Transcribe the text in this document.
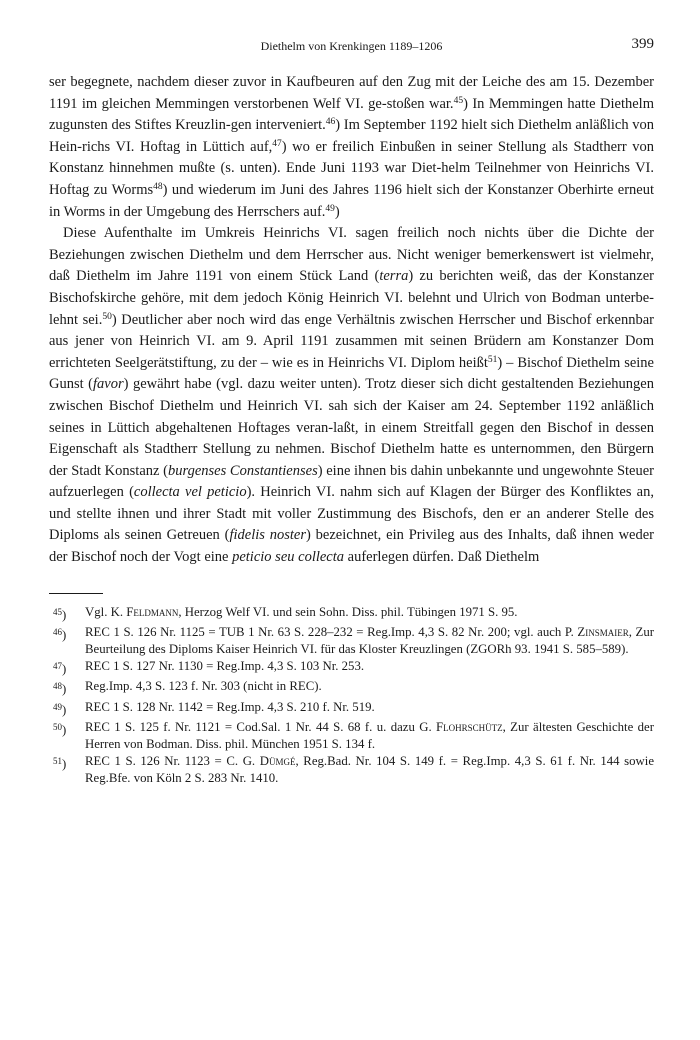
Diethelm von Krenkingen 1189–1206	399

ser begegnete, nachdem dieser zuvor in Kaufbeuren auf den Zug mit der Leiche des am 15. Dezember 1191 im gleichen Memmingen verstorbenen Welf VI. ge-stoßen war.$^{45}$) In Memmingen hatte Diethelm zugunsten des Stiftes Kreuzlin-gen interveniert.$^{46}$) Im September 1192 hielt sich Diethelm anläßlich von Hein-richs VI. Hoftag in Lüttich auf,$^{47}$) wo er freilich Einbußen in seiner Stellung als Stadtherr von Konstanz hinnehmen mußte (s. unten). Ende Juni 1193 war Diet-helm Teilnehmer von Heinrichs VI. Hoftag zu Worms$^{48}$) und wiederum im Juni des Jahres 1196 hielt sich der Konstanzer Oberhirte erneut in Worms in der Umgebung des Herrschers auf.$^{49}$)

Diese Aufenthalte im Umkreis Heinrichs VI. sagen freilich noch nichts über die Dichte der Beziehungen zwischen Diethelm und dem Herrscher aus. Nicht weniger bemerkenswert ist vielmehr, daß Diethelm im Jahre 1191 von einem Stück Land (terra) zu berichten weiß, das der Konstanzer Bischofskirche gehöre, mit dem jedoch König Heinrich VI. belehnt und Ulrich von Bodman unterbe-lehnt sei.$^{50}$) Deutlicher aber noch wird das enge Verhältnis zwischen Herrscher und Bischof erkennbar aus jener von Heinrich VI. am 9. April 1191 zusammen mit seinen Brüdern am Konstanzer Dom errichteten Seelgerätstiftung, zu der – wie es in Heinrichs VI. Diplom heißt$^{51}$) – Bischof Diethelm seine Gunst (favor) gewährt habe (vgl. dazu weiter unten). Trotz dieser sich dicht gestaltenden Beziehungen zwischen Bischof Diethelm und Heinrich VI. sah sich der Kaiser am 24. September 1192 anläßlich seines in Lüttich abgehaltenen Hoftages veran-laßt, in einem Streitfall gegen den Bischof in dessen Eigenschaft als Stadtherr Stellung zu nehmen. Bischof Diethelm hatte es unternommen, den Bürgern der Stadt Konstanz (burgenses Constantienses) eine ihnen bis dahin unbekannte und ungewohnte Steuer aufzuerlegen (collecta vel peticio). Heinrich VI. nahm sich auf Klagen der Bürger des Konfliktes an, und stellte ihnen und ihrer Stadt mit voller Zustimmung des Bischofs, den er an anderer Stelle des Diploms als seinen Getreuen (fidelis noster) bezeichnet, ein Privileg aus des Inhalts, daß ihnen weder der Bischof noch der Vogt eine peticio seu collecta auferlegen dürfen. Daß Diethelm

$^{45}$)	Vgl. K. Feldmann, Herzog Welf VI. und sein Sohn. Diss. phil. Tübingen 1971 S. 95.
$^{46}$)	REC 1 S. 126 Nr. 1125 = TUB 1 Nr. 63 S. 228–232 = Reg.Imp. 4,3 S. 82 Nr. 200; vgl. auch P. Zinsmaier, Zur Beurteilung des Diploms Kaiser Heinrich VI. für das Kloster Kreuzlingen (ZGORh 93. 1941 S. 585–589).
$^{47}$)	REC 1 S. 127 Nr. 1130 = Reg.Imp. 4,3 S. 103 Nr. 253.
$^{48}$)	Reg.Imp. 4,3 S. 123 f. Nr. 303 (nicht in REC).
$^{49}$)	REC 1 S. 128 Nr. 1142 = Reg.Imp. 4,3 S. 210 f. Nr. 519.
$^{50}$)	REC 1 S. 125 f. Nr. 1121 = Cod.Sal. 1 Nr. 44 S. 68 f. u. dazu G. Flohrschütz, Zur ältesten Geschichte der Herren von Bodman. Diss. phil. München 1951 S. 134 f.
$^{51}$)	REC 1 S. 126 Nr. 1123 = C. G. Dümgé, Reg.Bad. Nr. 104 S. 149 f. = Reg.Imp. 4,3 S. 61 f. Nr. 144 sowie Reg.Bfe. von Köln 2 S. 283 Nr. 1410.
